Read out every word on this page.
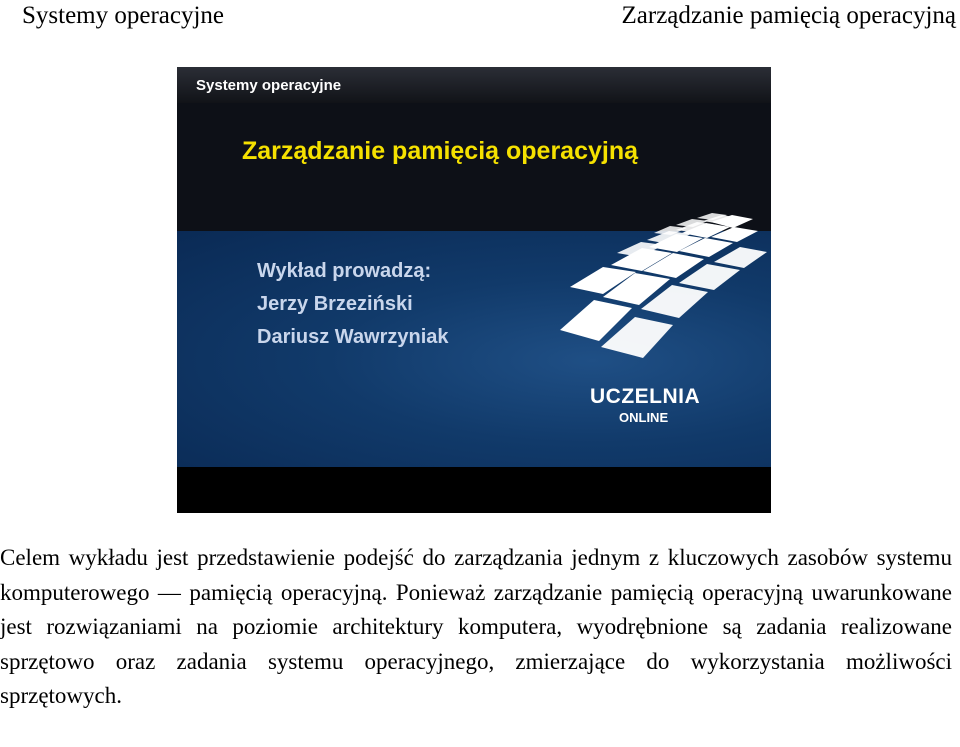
Systemy operacyjne	Zarządzanie pamięcią operacyjną
Systemy operacyjne
Zarządzanie pamięcią operacyjną
Wykład prowadzą:
Jerzy Brzeziński
Dariusz Wawrzyniak
UCZELNIA
ONLINE
Celem wykładu jest przedstawienie podejść do zarządzania jednym z kluczowych zasobów systemu komputerowego — pamięcią operacyjną. Ponieważ zarządzanie pamięcią operacyjną uwarunkowane jest rozwiązaniami na poziomie architektury komputera, wyodrębnione są zadania realizowane sprzętowo oraz zadania systemu operacyjnego, zmierzające do wykorzystania możliwości sprzętowych.
